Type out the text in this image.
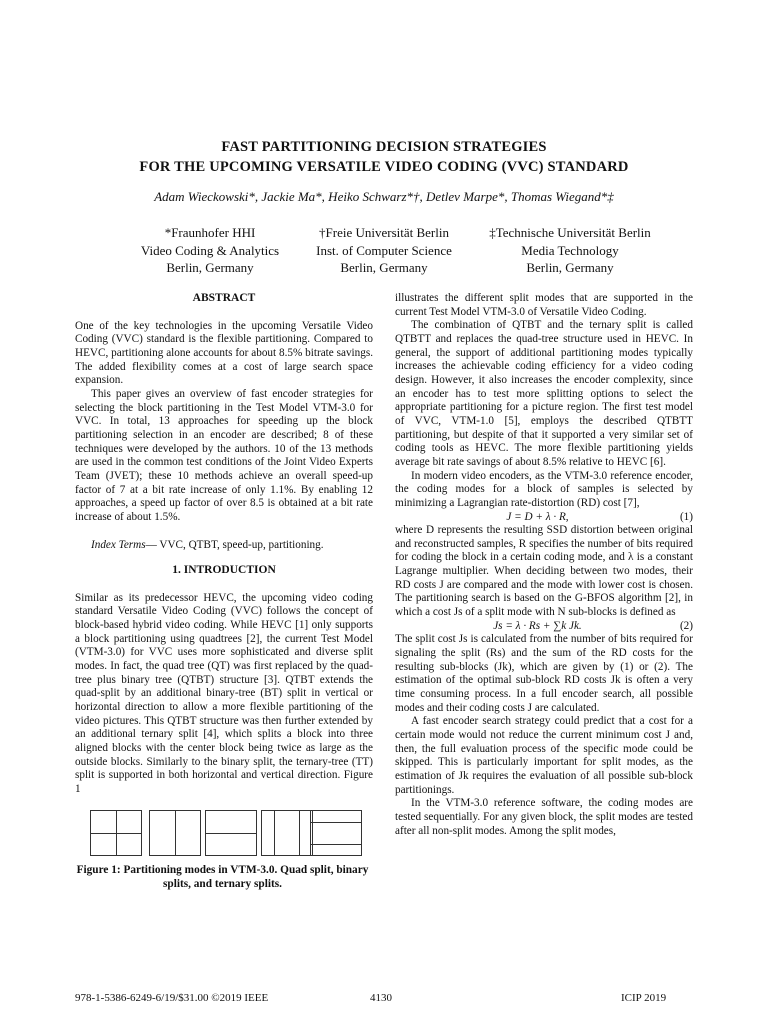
FAST PARTITIONING DECISION STRATEGIES
FOR THE UPCOMING VERSATILE VIDEO CODING (VVC) STANDARD
Adam Wieckowski*, Jackie Ma*, Heiko Schwarz*†, Detlev Marpe*, Thomas Wiegand*‡
*Fraunhofer HHI
Video Coding & Analytics
Berlin, Germany
†Freie Universität Berlin
Inst. of Computer Science
Berlin, Germany
‡Technische Universität Berlin
Media Technology
Berlin, Germany

ABSTRACT

One of the key technologies in the upcoming Versatile Video Coding (VVC) standard is the flexible partitioning. Compared to HEVC, partitioning alone accounts for about 8.5% bitrate savings. The added flexibility comes at a cost of large search space expansion.

This paper gives an overview of fast encoder strategies for selecting the block partitioning in the Test Model VTM-3.0 for VVC. In total, 13 approaches for speeding up the block partitioning selection in an encoder are described; 8 of these techniques were developed by the authors. 10 of the 13 methods are used in the common test conditions of the Joint Video Experts Team (JVET); these 10 methods achieve an overall speed-up factor of 7 at a bit rate increase of only 1.1%. By enabling 12 approaches, a speed up factor of over 8.5 is obtained at a bit rate increase of about 1.5%.

Index Terms— VVC, QTBT, speed-up, partitioning.

1. INTRODUCTION

Similar as its predecessor HEVC, the upcoming video coding standard Versatile Video Coding (VVC) follows the concept of block-based hybrid video coding. While HEVC [1] only supports a block partitioning using quadtrees [2], the current Test Model (VTM-3.0) for VVC uses more sophisticated and diverse split modes. In fact, the quad tree (QT) was first replaced by the quad-tree plus binary tree (QTBT) structure [3]. QTBT extends the quad-split by an additional binary-tree (BT) split in vertical or horizontal direction to allow a more flexible partitioning of the video pictures. This QTBT structure was then further extended by an additional ternary split [4], which splits a block into three aligned blocks with the center block being twice as large as the outside blocks. Similarly to the binary split, the ternary-tree (TT) split is supported in both horizontal and vertical direction. Figure 1

Figure 1: Partitioning modes in VTM-3.0. Quad split, binary splits, and ternary splits.

illustrates the different split modes that are supported in the current Test Model VTM-3.0 of Versatile Video Coding.

The combination of QTBT and the ternary split is called QTBTT and replaces the quad-tree structure used in HEVC. In general, the support of additional partitioning modes typically increases the achievable coding efficiency for a video coding design. However, it also increases the encoder complexity, since an encoder has to test more splitting options to select the appropriate partitioning for a picture region. The first test model of VVC, VTM-1.0 [5], employs the described QTBTT partitioning, but despite of that it supported a very similar set of coding tools as HEVC. The more flexible partitioning yields average bit rate savings of about 8.5% relative to HEVC [6].

In modern video encoders, as the VTM-3.0 reference encoder, the coding modes for a block of samples is selected by minimizing a Lagrangian rate-distortion (RD) cost [7],

J = D + λ · R,	(1)

where D represents the resulting SSD distortion between original and reconstructed samples, R specifies the number of bits required for coding the block in a certain coding mode, and λ is a constant Lagrange multiplier. When deciding between two modes, their RD costs J are compared and the mode with lower cost is chosen. The partitioning search is based on the G-BFOS algorithm [2], in which a cost Js of a split mode with N sub-blocks is defined as

Js = λ · Rs + ∑k Jk.	(2)

The split cost Js is calculated from the number of bits required for signaling the split (Rs) and the sum of the RD costs for the resulting sub-blocks (Jk), which are given by (1) or (2). The estimation of the optimal sub-block RD costs Jk is often a very time consuming process. In a full encoder search, all possible modes and their coding costs J are calculated.

A fast encoder search strategy could predict that a cost for a certain mode would not reduce the current minimum cost J and, then, the full evaluation process of the specific mode could be skipped. This is particularly important for split modes, as the estimation of Jk requires the evaluation of all possible sub-block partitionings.

In the VTM-3.0 reference software, the coding modes are tested sequentially. For any given block, the split modes are tested after all non-split modes. Among the split modes,

978-1-5386-6249-6/19/$31.00 ©2019 IEEE	4130	ICIP 2019
